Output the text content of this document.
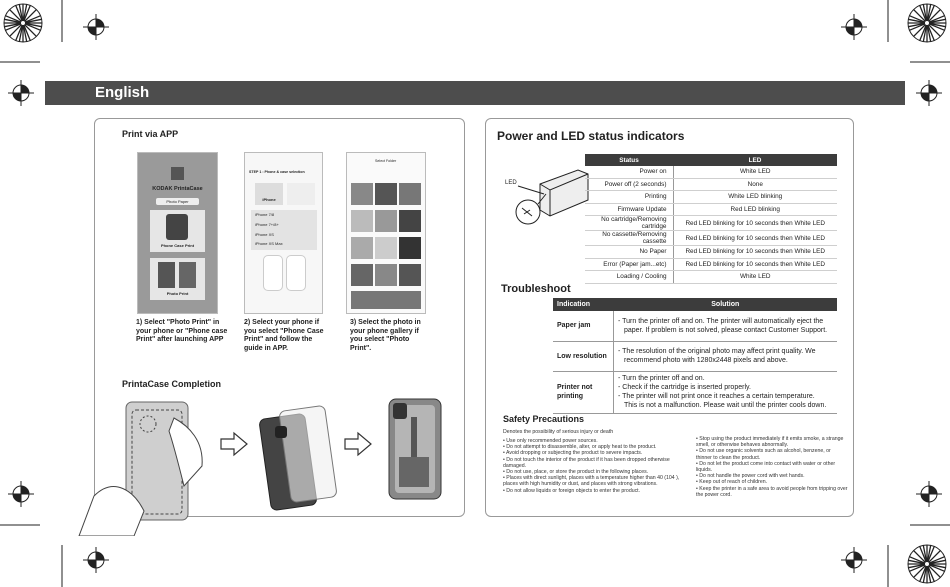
English
Print via APP
KODAK PrintaCase
Photo Paper
Phone Case Print
Photo Print
STEP 1 : Phone & case selection
iPhone
iPhone 7/8
iPhone 7+/8+
iPhone XS
iPhone XS Max
Select Folder
1) Select "Photo Print" in your phone or "Phone case Print" after launching APP
2) Select your phone if you select "Phone Case Print" and follow the guide in APP.
3) Select the photo in your phone gallery if you select "Photo Print".
PrintaCase Completion
Power and LED status indicators
LED
Status	LED
Power on	White LED
Power off (2 seconds)	None
Printing	White LED blinking
Firmware Update	Red LED blinking
No cartridge/Removing cartridge	Red LED blinking for 10 seconds then White LED
No cassette/Removing cassette	Red LED blinking for 10 seconds then White LED
No Paper	Red LED blinking for 10 seconds then White LED
Error (Paper jam...etc)	Red LED blinking for 10 seconds then White LED
Loading / Cooling	White LED
Troubleshoot
Indication	Solution
Paper jam	- Turn the printer off and on. The printer will automatically eject the
paper. If problem is not solved, please contact Customer Support.

Low resolution	- The resolution of the original photo may affect print quality. We
recommend photo with 1280x2448 pixels and above.

Printer not printing	- Turn the printer off and on.
- Check if the cartridge is inserted properly.
- The printer will not print once it reaches a certain temperature.
This is not a malfunction. Please wait until the printer cools down.
Safety Precautions
Denotes the possibility of serious injury or death
• Use only recommended power sources.
• Do not attempt to disassemble, alter, or apply heat to the product.
• Avoid dropping or subjecting the product to severe impacts.
• Do not touch the interior of the product if it has been dropped otherwise damaged.
• Do not use, place, or store the product in the following places.
• Places with direct sunlight, places with a temperature higher than 40 (104 ), places with high humidity or dust, and places with strong vibrations.
• Do not allow liquids or foreign objects to enter the product.
• Stop using the product immediately if it emits smoke, a strange smell, or otherwise behaves abnormally.
• Do not use organic solvents such as alcohol, benzene, or thinner to clean the product.
• Do not let the product come into contact with water or other liquids.
• Do not handle the power cord with wet hands.
• Keep out of reach of children.
• Keep the printer in a safe area to avoid people from tripping over the power cord.
